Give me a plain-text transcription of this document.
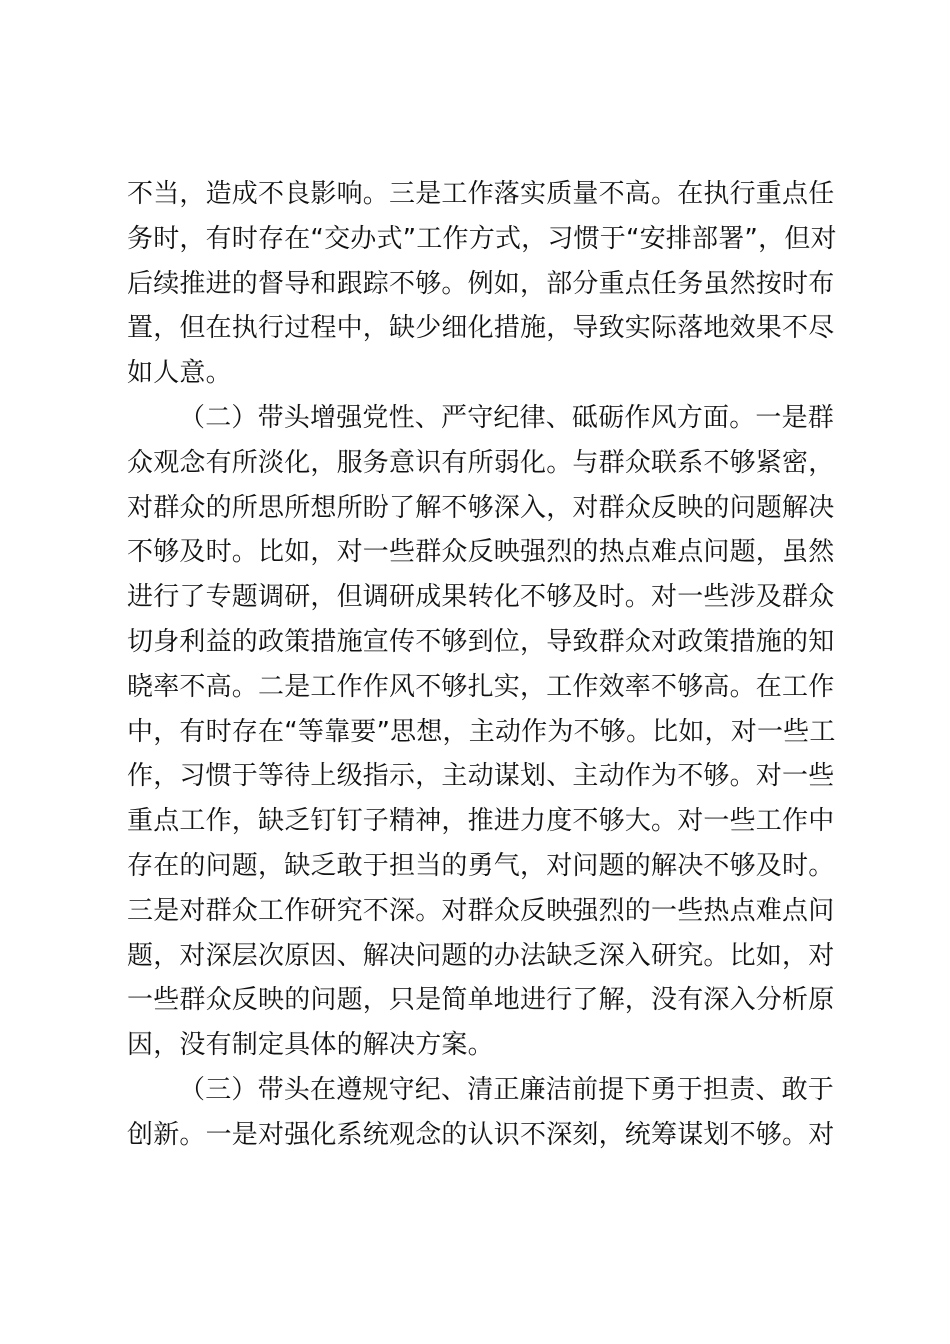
不当，造成不良影响。三是工作落实质量不高。在执行重点任
务时，有时存在“交办式”工作方式，习惯于“安排部署”，但对
后续推进的督导和跟踪不够。例如，部分重点任务虽然按时布
置，但在执行过程中，缺少细化措施，导致实际落地效果不尽
如人意。
（二）带头增强党性、严守纪律、砥砺作风方面。一是群
众观念有所淡化，服务意识有所弱化。与群众联系不够紧密，
对群众的所思所想所盼了解不够深入，对群众反映的问题解决
不够及时。比如，对一些群众反映强烈的热点难点问题，虽然
进行了专题调研，但调研成果转化不够及时。对一些涉及群众
切身利益的政策措施宣传不够到位，导致群众对政策措施的知
晓率不高。二是工作作风不够扎实，工作效率不够高。在工作
中，有时存在“等靠要”思想，主动作为不够。比如，对一些工
作，习惯于等待上级指示，主动谋划、主动作为不够。对一些
重点工作，缺乏钉钉子精神，推进力度不够大。对一些工作中
存在的问题，缺乏敢于担当的勇气，对问题的解决不够及时。
三是对群众工作研究不深。对群众反映强烈的一些热点难点问
题，对深层次原因、解决问题的办法缺乏深入研究。比如，对
一些群众反映的问题，只是简单地进行了解，没有深入分析原
因，没有制定具体的解决方案。
（三）带头在遵规守纪、清正廉洁前提下勇于担责、敢于
创新。一是对强化系统观念的认识不深刻，统筹谋划不够。对
